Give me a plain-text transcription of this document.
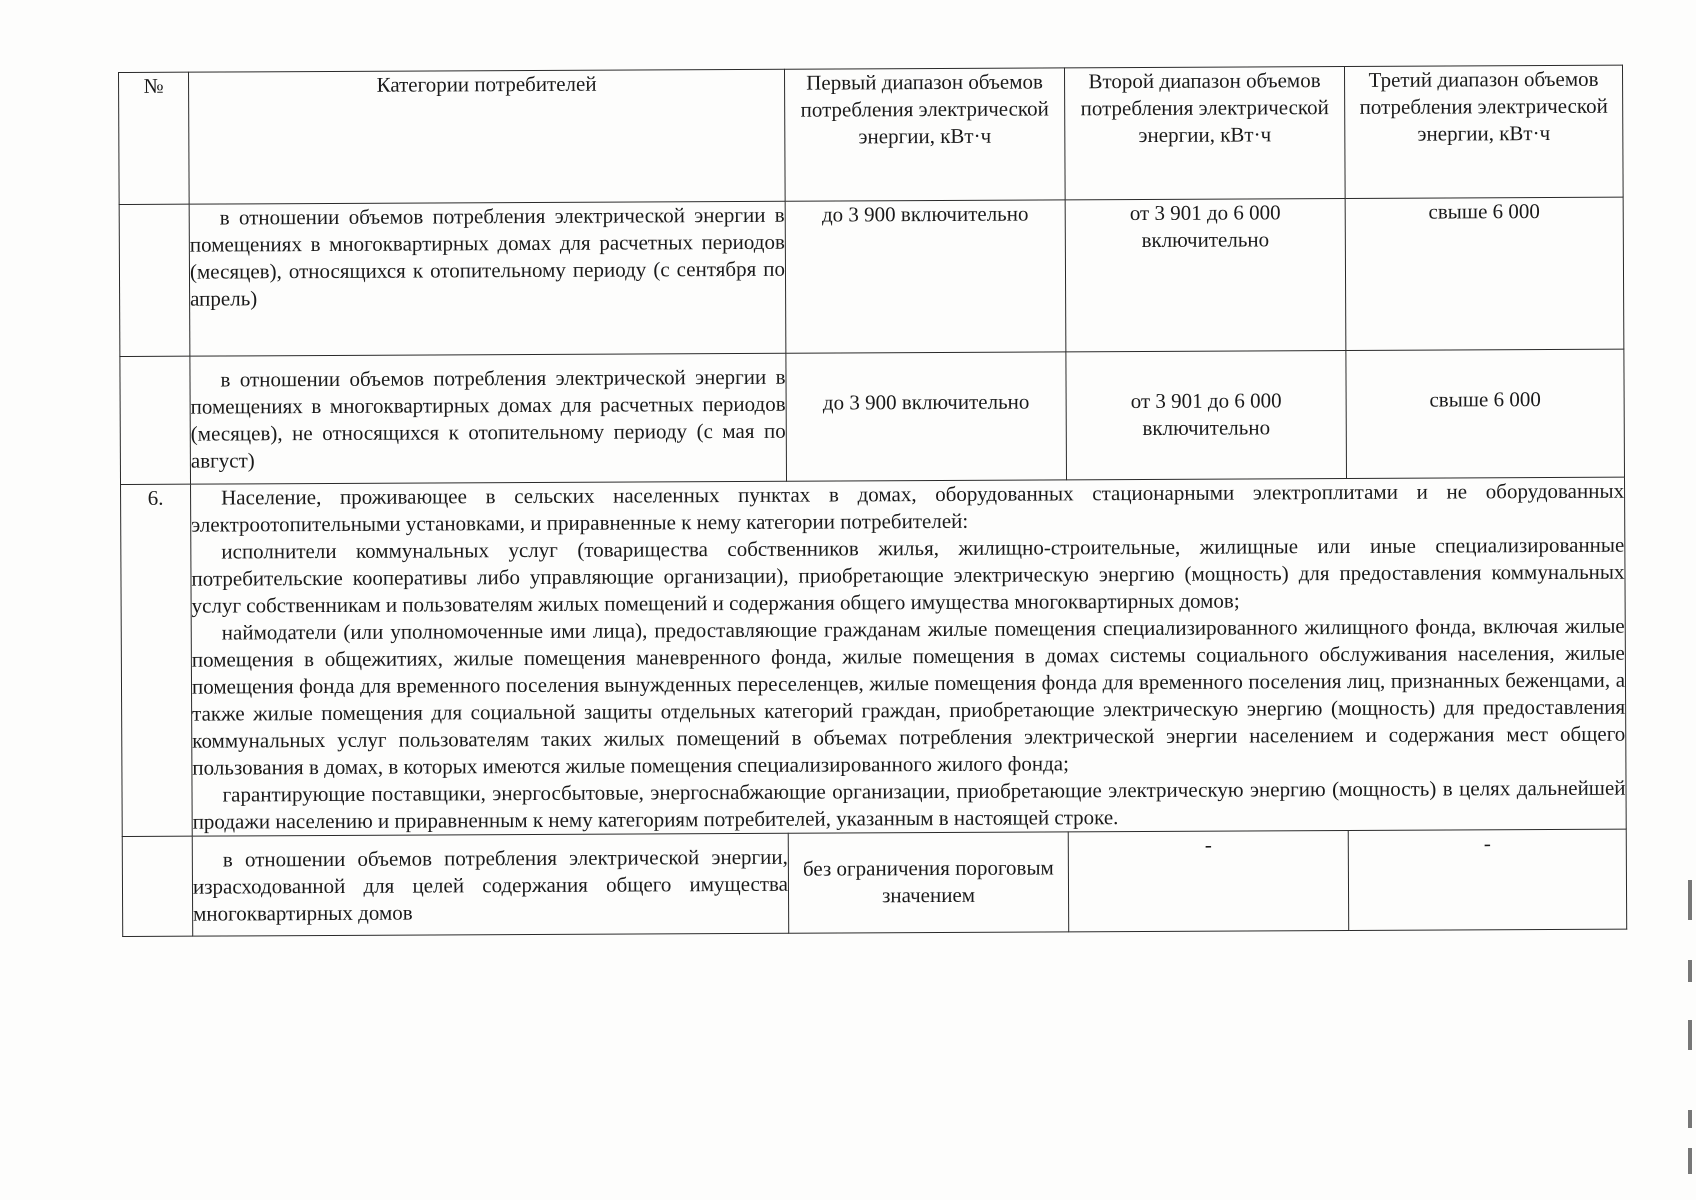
№	Категории потребителей	Первый диапазон объемов потребления электрической энергии, кВт·ч	Второй диапазон объемов потребления электрической энергии, кВт·ч	Третий диапазон объемов потребления электрической энергии, кВт·ч
	в отношении объемов потребления электрической энергии в помещениях в многоквартирных домах для расчетных периодов (месяцев), относящихся к отопительному периоду (с сентября по апрель)	до 3 900 включительно	от 3 901 до 6 000 включительно	свыше 6 000
	в отношении объемов потребления электрической энергии в помещениях в многоквартирных домах для расчетных периодов (месяцев), не относящихся к отопительному периоду (с мая по август)	до 3 900 включительно	от 3 901 до 6 000 включительно	свыше 6 000
6.	Население, проживающее в сельских населенных пунктах в домах, оборудованных стационарными электроплитами и не оборудованных электроотопительными установками, и приравненные к нему категории потребителей:

исполнители коммунальных услуг (товарищества собственников жилья, жилищно-строительные, жилищные или иные специализированные потребительские кооперативы либо управляющие организации), приобретающие электрическую энергию (мощность) для предоставления коммунальных услуг собственникам и пользователям жилых помещений и содержания общего имущества многоквартирных домов;

наймодатели (или уполномоченные ими лица), предоставляющие гражданам жилые помещения специализированного жилищного фонда, включая жилые помещения в общежитиях, жилые помещения маневренного фонда, жилые помещения в домах системы социального обслуживания населения, жилые помещения фонда для временного поселения вынужденных переселенцев, жилые помещения фонда для временного поселения лиц, признанных беженцами, а также жилые помещения для социальной защиты отдельных категорий граждан, приобретающие электрическую энергию (мощность) для предоставления коммунальных услуг пользователям таких жилых помещений в объемах потребления электрической энергии населением и содержания мест общего пользования в домах, в которых имеются жилые помещения специализированного жилого фонда;

гарантирующие поставщики, энергосбытовые, энергоснабжающие организации, приобретающие электрическую энергию (мощность) в целях дальнейшей продажи населению и приравненным к нему категориям потребителей, указанным в настоящей строке.			

	в отношении объемов потребления электрической энергии, израсходованной для целей содержания общего имущества многоквартирных домов	без ограничения пороговым значением	-	-
